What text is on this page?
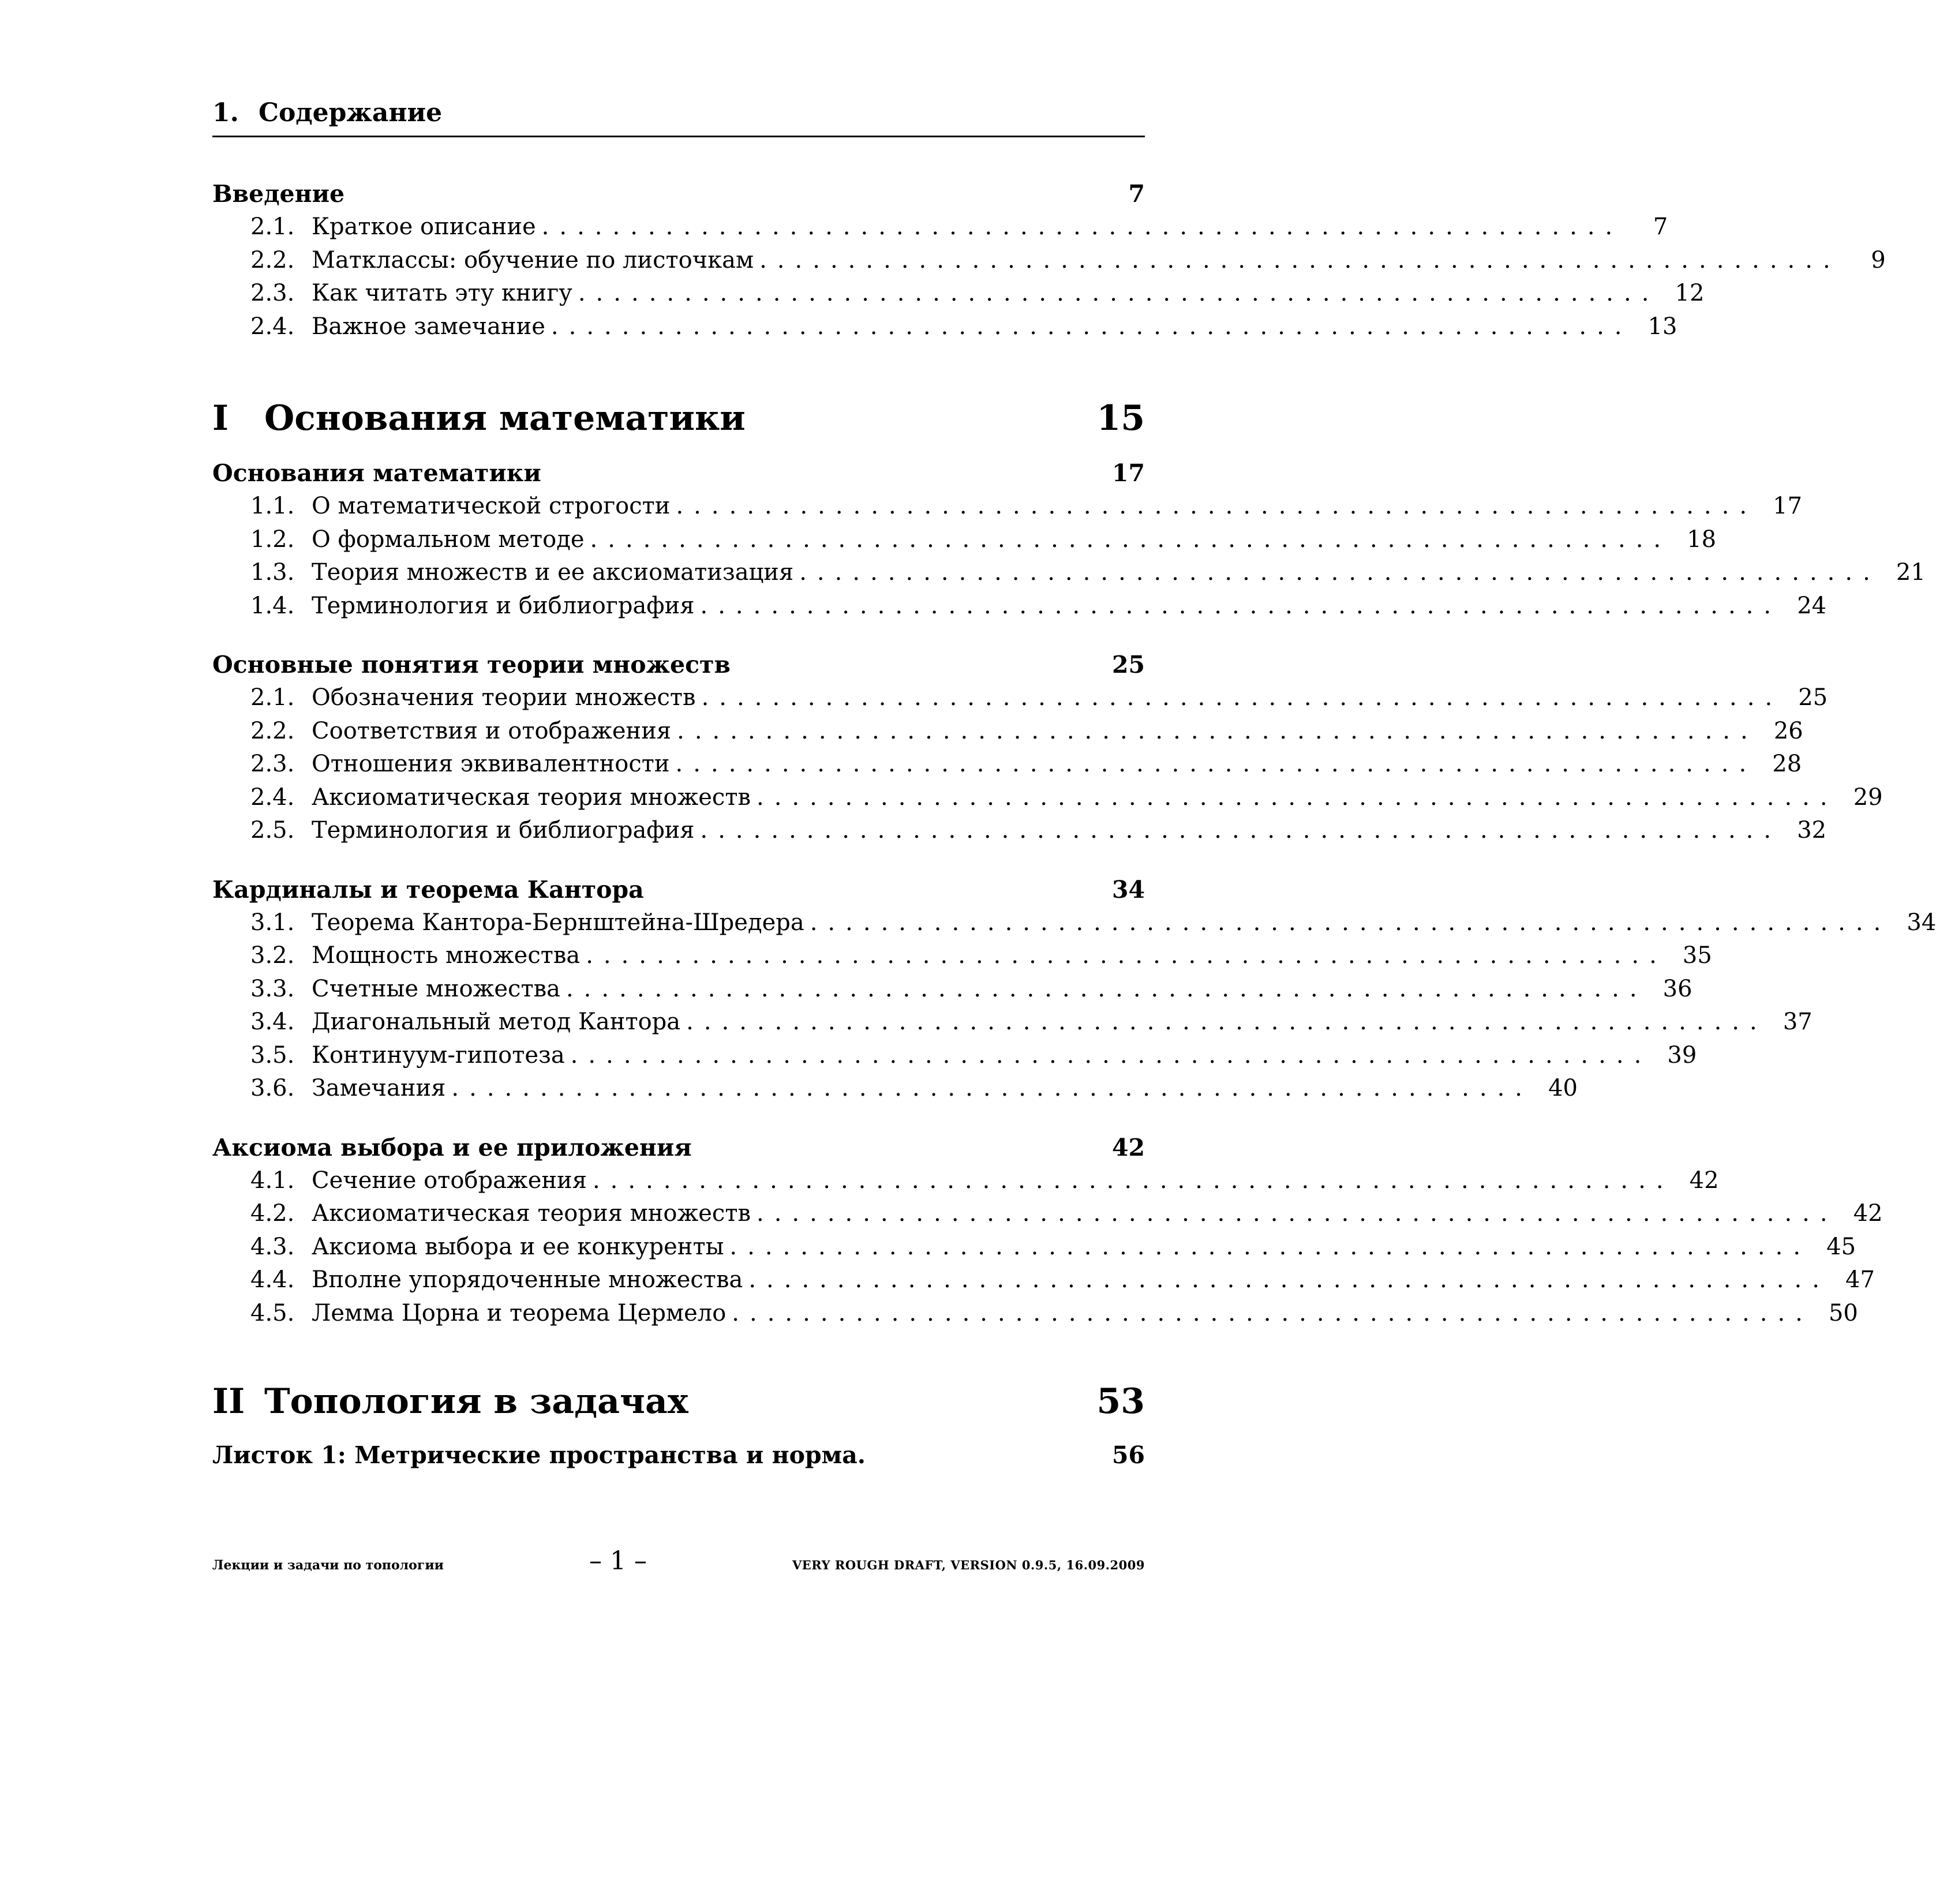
1. Содержание
Введение	7
2.1. Краткое описание .............................................................	7
2.2. Матклассы: обучение по листочкам .............................................................	9
2.3. Как читать эту книгу ............................................................. 12
2.4. Важное замечание ............................................................. 13
I	Основания математики	15
Основания математики	17
1.1. О математической строгости ............................................................. 17
1.2. О формальном методе ............................................................. 18
1.3. Теория множеств и ее аксиоматизация ............................................................. 21
1.4. Терминология и библиография ............................................................. 24
Основные понятия теории множеств	25
2.1. Обозначения теории множеств ............................................................. 25
2.2. Соответствия и отображения ............................................................. 26
2.3. Отношения эквивалентности ............................................................. 28
2.4. Аксиоматическая теория множеств ............................................................. 29
2.5. Терминология и библиография ............................................................. 32
Кардиналы и теорема Кантора	34
3.1. Теорема Кантора-Бернштейна-Шредера ............................................................. 34
3.2. Мощность множества ............................................................. 35
3.3. Счетные множества ............................................................. 36
3.4. Диагональный метод Кантора ............................................................. 37
3.5. Континуум-гипотеза ............................................................. 39
3.6. Замечания ............................................................. 40
Аксиома выбора и ее приложения	42
4.1. Сечение отображения ............................................................. 42
4.2. Аксиоматическая теория множеств ............................................................. 42
4.3. Аксиома выбора и ее конкуренты ............................................................. 45
4.4. Вполне упорядоченные множества ............................................................. 47
4.5. Лемма Цорна и теорема Цермело ............................................................. 50
II Топология в задачах	53
Листок 1: Метрические пространства и норма.	56
Лекции и задачи по топологии	– 1 –	VERY ROUGH DRAFT, VERSION 0.9.5, 16.09.2009
